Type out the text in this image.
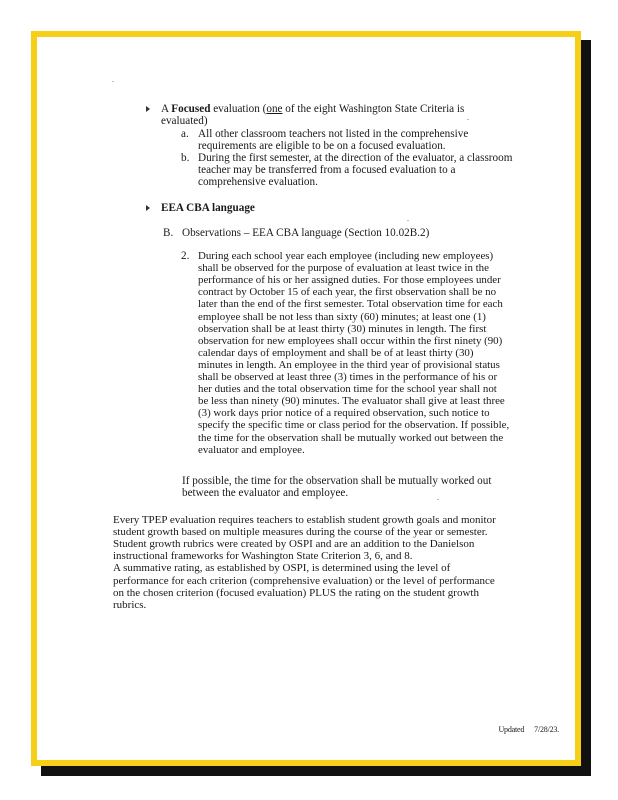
A Focused evaluation (one of the eight Washington State Criteria is
evaluated)
a. All other classroom teachers not listed in the comprehensive
requirements are eligible to be on a focused evaluation.
b. During the first semester, at the direction of the evaluator, a classroom
teacher may be transferred from a focused evaluation to a
comprehensive evaluation.
EEA CBA language
B. Observations – EEA CBA language (Section 10.02B.2)
2. During each school year each employee (including new employees)
shall be observed for the purpose of evaluation at least twice in the
performance of his or her assigned duties. For those employees under
contract by October 15 of each year, the first observation shall be no
later than the end of the first semester. Total observation time for each
employee shall be not less than sixty (60) minutes; at least one (1)
observation shall be at least thirty (30) minutes in length. The first
observation for new employees shall occur within the first ninety (90)
calendar days of employment and shall be of at least thirty (30)
minutes in length. An employee in the third year of provisional status
shall be observed at least three (3) times in the performance of his or
her duties and the total observation time for the school year shall not
be less than ninety (90) minutes. The evaluator shall give at least three
(3) work days prior notice of a required observation, such notice to
specify the specific time or class period for the observation. If possible,
the time for the observation shall be mutually worked out between the
evaluator and employee.
If possible, the time for the observation shall be mutually worked out
between the evaluator and employee.
Every TPEP evaluation requires teachers to establish student growth goals and monitor
student growth based on multiple measures during the course of the year or semester.
Student growth rubrics were created by OSPI and are an addition to the Danielson
instructional frameworks for Washington State Criterion 3, 6, and 8.
A summative rating, as established by OSPI, is determined using the level of
performance for each criterion (comprehensive evaluation) or the level of performance
on the chosen criterion (focused evaluation) PLUS the rating on the student growth
rubrics.
Updated 7/28/23.
